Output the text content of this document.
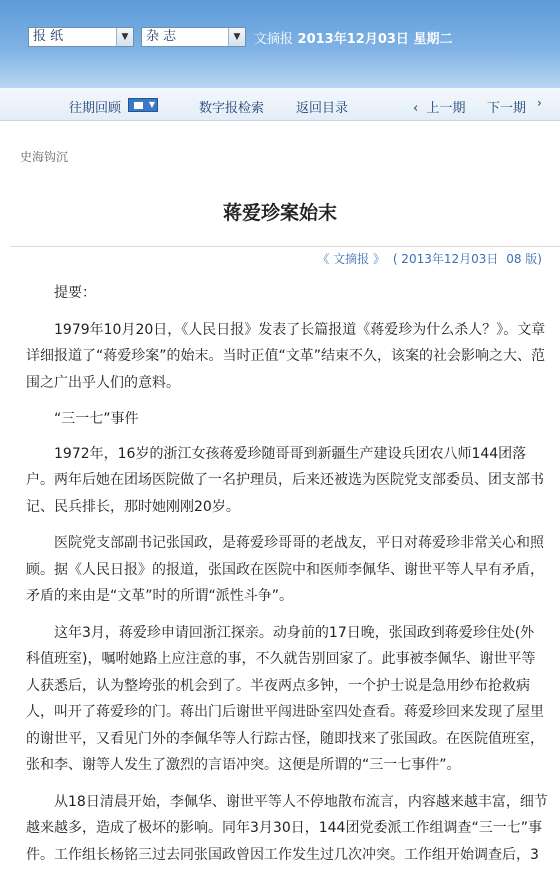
报 纸	▼	杂 志	▼	文摘报 2013年12月03日 星期二
往期回顾	▼	数字报检索 返回目录	‹ 上一期 下一期 ›
史海钩沉
蒋爱珍案始末
《 文摘报 》 ( 2013年12月03日 08 版)

提要：

1979年10月20日，《人民日报》发表了长篇报道《蒋爱珍为什么杀人？》。文章详细报道了“蒋爱珍案”的始末。当时正值“文革”结束不久，该案的社会影响之大、范围之广出乎人们的意料。

“三一七”事件

1972年，16岁的浙江女孩蒋爱珍随哥哥到新疆生产建设兵团农八师144团落户。两年后她在团场医院做了一名护理员，后来还被选为医院党支部委员、团支部书记、民兵排长，那时她刚刚20岁。

医院党支部副书记张国政，是蒋爱珍哥哥的老战友，平日对蒋爱珍非常关心和照顾。据《人民日报》的报道，张国政在医院中和医师李佩华、谢世平等人早有矛盾，矛盾的来由是“文革”时的所谓“派性斗争”。

这年3月，蒋爱珍申请回浙江探亲。动身前的17日晚，张国政到蒋爱珍住处(外科值班室)，嘱咐她路上应注意的事，不久就告别回家了。此事被李佩华、谢世平等人获悉后，认为整垮张的机会到了。半夜两点多钟，一个护士说是急用纱布抢救病人，叫开了蒋爱珍的门。蒋出门后谢世平闯进卧室四处查看。蒋爱珍回来发现了屋里的谢世平，又看见门外的李佩华等人行踪古怪，随即找来了张国政。在医院值班室，张和李、谢等人发生了激烈的言语冲突。这便是所谓的“三一七事件”。

从18日清晨开始，李佩华、谢世平等人不停地散布流言，内容越来越丰富，细节越来越多，造成了极坏的影响。同年3月30日，144团党委派工作组调查“三一七”事件。工作组长杨铭三过去同张国政曾因工作发生过几次冲突。工作组开始调查后，3
